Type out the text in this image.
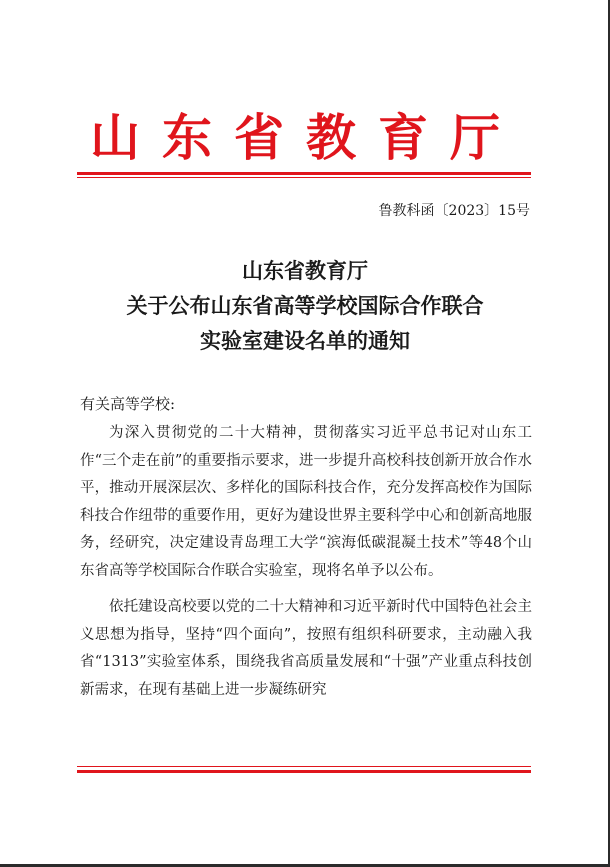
山东省教育厅
鲁教科函〔2023〕15号
山东省教育厅
关于公布山东省高等学校国际合作联合
实验室建设名单的通知
有关高等学校:

为深入贯彻党的二十大精神，贯彻落实习近平总书记对山东工作“三个走在前”的重要指示要求，进一步提升高校科技创新开放合作水平，推动开展深层次、多样化的国际科技合作，充分发挥高校作为国际科技合作纽带的重要作用，更好为建设世界主要科学中心和创新高地服务，经研究，决定建设青岛理工大学“滨海低碳混凝土技术”等48个山东省高等学校国际合作联合实验室，现将名单予以公布。

依托建设高校要以党的二十大精神和习近平新时代中国特色社会主义思想为指导，坚持“四个面向”，按照有组织科研要求，主动融入我省“1313”实验室体系，围绕我省高质量发展和“十强”产业重点科技创新需求，在现有基础上进一步凝练研究
